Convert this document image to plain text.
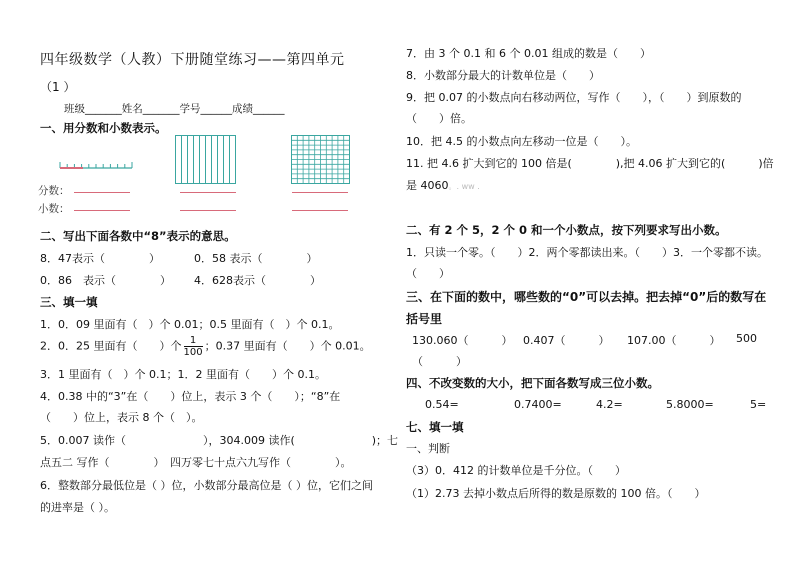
四年级数学（人教）下册随堂练习——第四单元
（1 ）
班级_______姓名_______学号______成绩______
一、用分数和小数表示。
分数：
小数：
二、写出下面各数中“8”表示的意思。
8．47表示（　　　　）	0．58 表示（　　　　）
0．86　表示（　　　　） 4．628表示（　　　　）
三、填一填
1．0．09 里面有（　）个 0.01；0.5 里面有（　）个 0.1。
2．0．25 里面有（　　）个 $\frac{1}{100}$ ；0.37 里面有（　　）个 0.01。
3．1 里面有（　）个 0.1；1．2 里面有（　　）个 0.1。
4．0.38 中的“3”在（　　）位上，表示 3 个（　　）；“8”在
（　　）位上，表示 8 个（　）。
5．0.007 读作（　　　　　　　），304.009 读作(　　　　　　　)；七
点五二 写作（　　　　）　四万零七十点六九写作（　　　　）。
6．整数部分最低位是（ ）位，小数部分最高位是（ ）位，它们之间
的进率是（ ）。
7．由 3 个 0.1 和 6 个 0.01 组成的数是（　　）
8．小数部分最大的计数单位是（　　）
9．把 0.07 的小数点向右移动两位，写作（　　），（　　）到原数的
（　　）倍。
10．把 4.5 的小数点向左移动一位是（　　）。
11. 把 4.6 扩大到它的 100 倍是(　　　　),把 4.06 扩大到它的(　　　)倍
是 4060。. ww .
二、有 2 个 5，2 个 0 和一个小数点，按下列要求写出小数。
1．只读一个零。（　　）2．两个零都读出来。（　　）3．一个零都不读。
（　　）
三、在下面的数中，哪些数的“0”可以去掉。把去掉“0”后的数写在
括号里
130.060（　　　） 0.407（　　　） 107.00（　　　） 500
（　　　）
四、不改变数的大小，把下面各数写成三位小数。
0.54=	0.7400=	4.2=	5.8000=	5=
七、填一填
一、判断
（3）0．412 的计数单位是千分位。（　　）
（1）2.73 去掉小数点后所得的数是原数的 100 倍。（　　）
